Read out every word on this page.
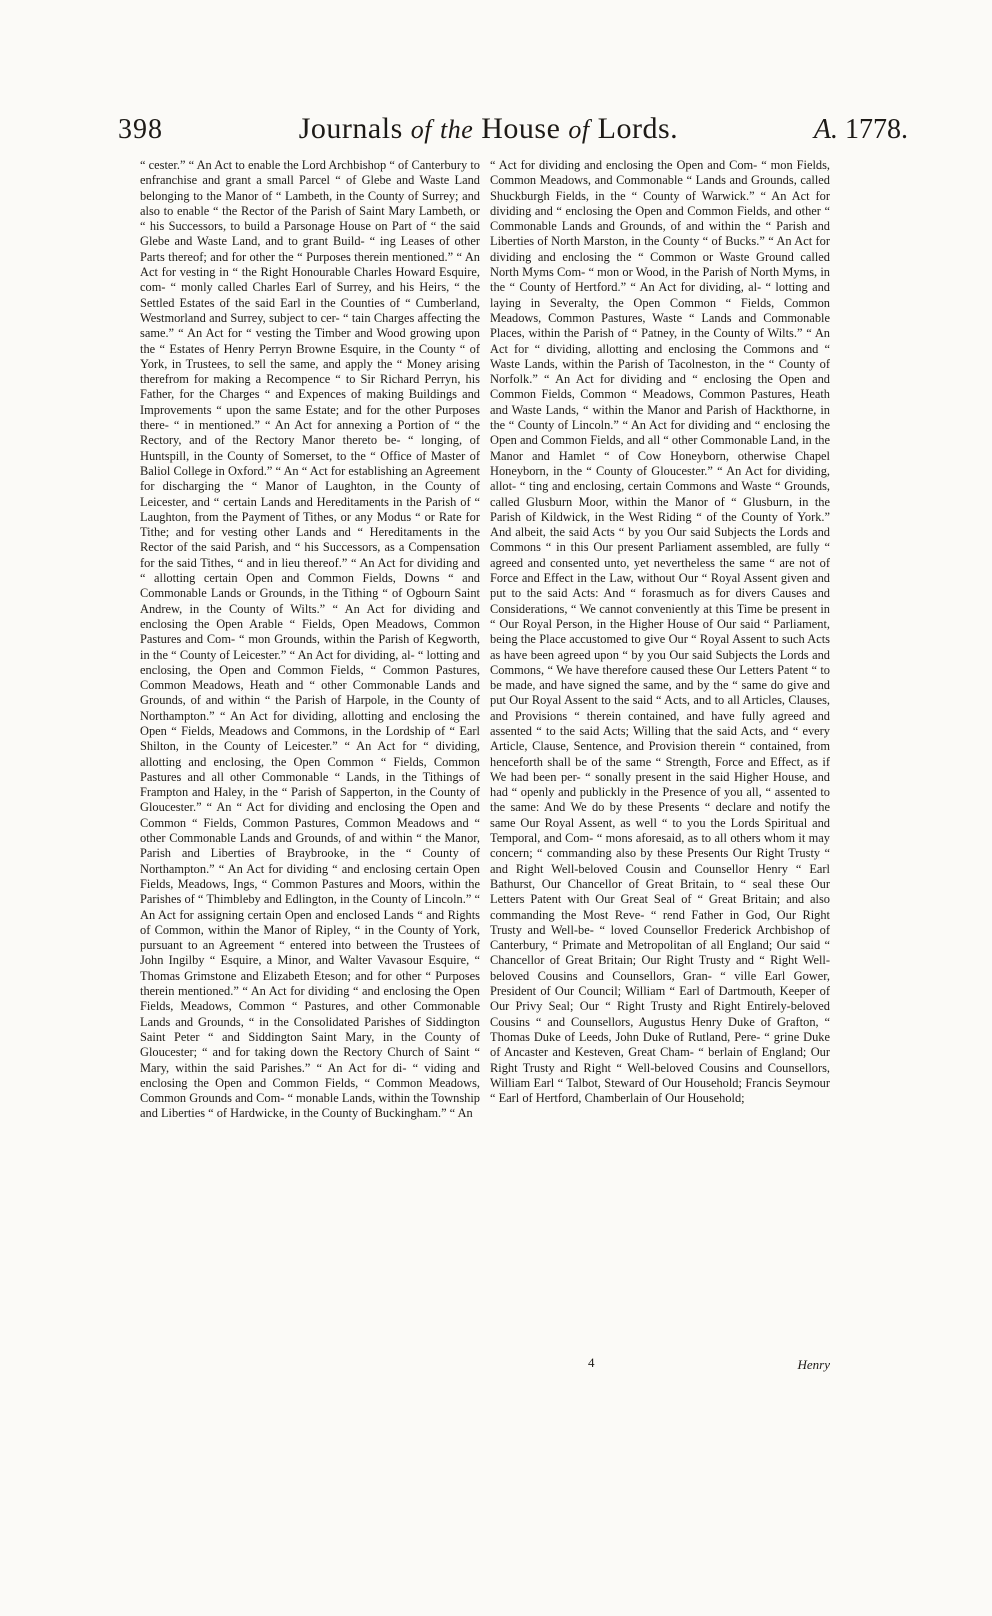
398	Journals of the House of Lords.	A. 1778.

“ cester.” “ An Act to enable the Lord Archbishop “ of Canterbury to enfranchise and grant a small Parcel “ of Glebe and Waste Land belonging to the Manor of “ Lambeth, in the County of Surrey; and also to enable “ the Rector of the Parish of Saint Mary Lambeth, or “ his Successors, to build a Parsonage House on Part of “ the said Glebe and Waste Land, and to grant Build- “ ing Leases of other Parts thereof; and for other the “ Purposes therein mentioned.” “ An Act for vesting in “ the Right Honourable Charles Howard Esquire, com- “ monly called Charles Earl of Surrey, and his Heirs, “ the Settled Estates of the said Earl in the Counties of “ Cumberland, Westmorland and Surrey, subject to cer- “ tain Charges affecting the same.” “ An Act for “ vesting the Timber and Wood growing upon the “ Estates of Henry Perryn Browne Esquire, in the County “ of York, in Trustees, to sell the same, and apply the “ Money arising therefrom for making a Recompence “ to Sir Richard Perryn, his Father, for the Charges “ and Expences of making Buildings and Improvements “ upon the same Estate; and for the other Purposes there- “ in mentioned.” “ An Act for annexing a Portion of “ the Rectory, and of the Rectory Manor thereto be- “ longing, of Huntspill, in the County of Somerset, to the “ Office of Master of Baliol College in Oxford.” “ An “ Act for establishing an Agreement for discharging the “ Manor of Laughton, in the County of Leicester, and “ certain Lands and Hereditaments in the Parish of “ Laughton, from the Payment of Tithes, or any Modus “ or Rate for Tithe; and for vesting other Lands and “ Hereditaments in the Rector of the said Parish, and “ his Successors, as a Compensation for the said Tithes, “ and in lieu thereof.” “ An Act for dividing and “ allotting certain Open and Common Fields, Downs “ and Commonable Lands or Grounds, in the Tithing “ of Ogbourn Saint Andrew, in the County of Wilts.” “ An Act for dividing and enclosing the Open Arable “ Fields, Open Meadows, Common Pastures and Com- “ mon Grounds, within the Parish of Kegworth, in the “ County of Leicester.” “ An Act for dividing, al- “ lotting and enclosing, the Open and Common Fields, “ Common Pastures, Common Meadows, Heath and “ other Commonable Lands and Grounds, of and within “ the Parish of Harpole, in the County of Northampton.” “ An Act for dividing, allotting and enclosing the Open “ Fields, Meadows and Commons, in the Lordship of “ Earl Shilton, in the County of Leicester.” “ An Act for “ dividing, allotting and enclosing, the Open Common “ Fields, Common Pastures and all other Commonable “ Lands, in the Tithings of Frampton and Haley, in the “ Parish of Sapperton, in the County of Gloucester.” “ An “ Act for dividing and enclosing the Open and Common “ Fields, Common Pastures, Common Meadows and “ other Commonable Lands and Grounds, of and within “ the Manor, Parish and Liberties of Braybrooke, in the “ County of Northampton.” “ An Act for dividing “ and enclosing certain Open Fields, Meadows, Ings, “ Common Pastures and Moors, within the Parishes of “ Thimbleby and Edlington, in the County of Lincoln.” “ An Act for assigning certain Open and enclosed Lands “ and Rights of Common, within the Manor of Ripley, “ in the County of York, pursuant to an Agreement “ entered into between the Trustees of John Ingilby “ Esquire, a Minor, and Walter Vavasour Esquire, “ Thomas Grimstone and Elizabeth Eteson; and for other “ Purposes therein mentioned.” “ An Act for dividing “ and enclosing the Open Fields, Meadows, Common “ Pastures, and other Commonable Lands and Grounds, “ in the Consolidated Parishes of Siddington Saint Peter “ and Siddington Saint Mary, in the County of Gloucester; “ and for taking down the Rectory Church of Saint “ Mary, within the said Parishes.” “ An Act for di- “ viding and enclosing the Open and Common Fields, “ Common Meadows, Common Grounds and Com- “ monable Lands, within the Township and Liberties “ of Hardwicke, in the County of Buckingham.” “ An

“ Act for dividing and enclosing the Open and Com- “ mon Fields, Common Meadows, and Commonable “ Lands and Grounds, called Shuckburgh Fields, in the “ County of Warwick.” “ An Act for dividing and “ enclosing the Open and Common Fields, and other “ Commonable Lands and Grounds, of and within the “ Parish and Liberties of North Marston, in the County “ of Bucks.” “ An Act for dividing and enclosing the “ Common or Waste Ground called North Myms Com- “ mon or Wood, in the Parish of North Myms, in the “ County of Hertford.” “ An Act for dividing, al- “ lotting and laying in Severalty, the Open Common “ Fields, Common Meadows, Common Pastures, Waste “ Lands and Commonable Places, within the Parish of “ Patney, in the County of Wilts.” “ An Act for “ dividing, allotting and enclosing the Commons and “ Waste Lands, within the Parish of Tacolneston, in the “ County of Norfolk.” “ An Act for dividing and “ enclosing the Open and Common Fields, Common “ Meadows, Common Pastures, Heath and Waste Lands, “ within the Manor and Parish of Hackthorne, in the “ County of Lincoln.” “ An Act for dividing and “ enclosing the Open and Common Fields, and all “ other Commonable Land, in the Manor and Hamlet “ of Cow Honeyborn, otherwise Chapel Honeyborn, in the “ County of Gloucester.” “ An Act for dividing, allot- “ ting and enclosing, certain Commons and Waste “ Grounds, called Glusburn Moor, within the Manor of “ Glusburn, in the Parish of Kildwick, in the West Riding “ of the County of York.” And albeit, the said Acts “ by you Our said Subjects the Lords and Commons “ in this Our present Parliament assembled, are fully “ agreed and consented unto, yet nevertheless the same “ are not of Force and Effect in the Law, without Our “ Royal Assent given and put to the said Acts: And “ forasmuch as for divers Causes and Considerations, “ We cannot conveniently at this Time be present in “ Our Royal Person, in the Higher House of Our said “ Parliament, being the Place accustomed to give Our “ Royal Assent to such Acts as have been agreed upon “ by you Our said Subjects the Lords and Commons, “ We have therefore caused these Our Letters Patent “ to be made, and have signed the same, and by the “ same do give and put Our Royal Assent to the said “ Acts, and to all Articles, Clauses, and Provisions “ therein contained, and have fully agreed and assented “ to the said Acts; Willing that the said Acts, and “ every Article, Clause, Sentence, and Provision therein “ contained, from henceforth shall be of the same “ Strength, Force and Effect, as if We had been per- “ sonally present in the said Higher House, and had “ openly and publickly in the Presence of you all, “ assented to the same: And We do by these Presents “ declare and notify the same Our Royal Assent, as well “ to you the Lords Spiritual and Temporal, and Com- “ mons aforesaid, as to all others whom it may concern; “ commanding also by these Presents Our Right Trusty “ and Right Well-beloved Cousin and Counsellor Henry “ Earl Bathurst, Our Chancellor of Great Britain, to “ seal these Our Letters Patent with Our Great Seal of “ Great Britain; and also commanding the Most Reve- “ rend Father in God, Our Right Trusty and Well-be- “ loved Counsellor Frederick Archbishop of Canterbury, “ Primate and Metropolitan of all England; Our said “ Chancellor of Great Britain; Our Right Trusty and “ Right Well-beloved Cousins and Counsellors, Gran- “ ville Earl Gower, President of Our Council; William “ Earl of Dartmouth, Keeper of Our Privy Seal; Our “ Right Trusty and Right Entirely-beloved Cousins “ and Counsellors, Augustus Henry Duke of Grafton, “ Thomas Duke of Leeds, John Duke of Rutland, Pere- “ grine Duke of Ancaster and Kesteven, Great Cham- “ berlain of England; Our Right Trusty and Right “ Well-beloved Cousins and Counsellors, William Earl “ Talbot, Steward of Our Household; Francis Seymour “ Earl of Hertford, Chamberlain of Our Household;

4	Henry
